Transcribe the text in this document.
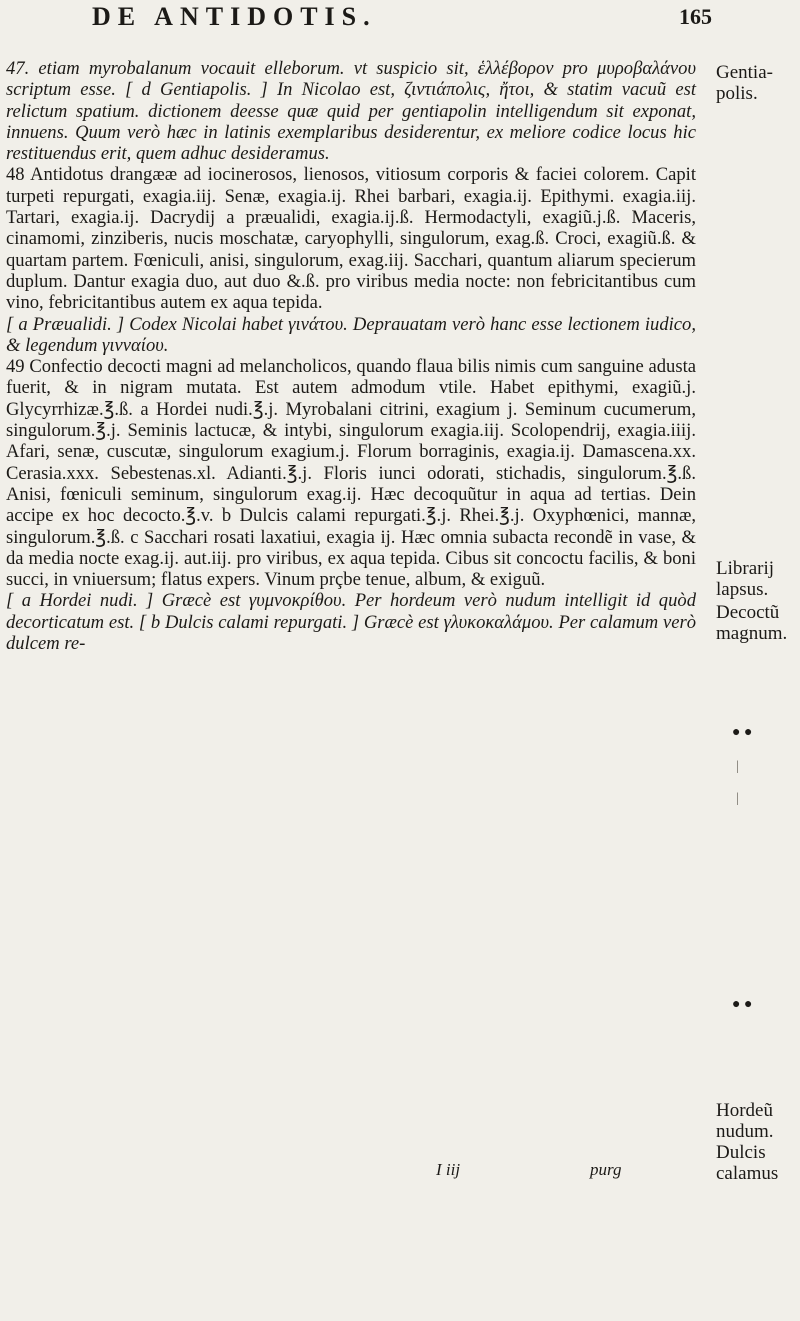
DE ANTIDOTIS.	165

47. etiam myrobalanum vocauit elleborum. vt suspicio sit, ἑλλέβορον pro μυροβαλάνου scriptum esse. [ d Gentiapolis. ] In Nicolao est, ζιντιάπολις, ἤτοι, & statim vacuũ est relictum spatium. dictionem deesse quæ quid per gentiapolin intelligendum sit exponat, innuens. Quum verò hæc in latinis exemplaribus desiderentur, ex meliore codice locus hic restituendus erit, quem adhuc desideramus.

48 Antidotus drangææ ad iocinerosos, lienosos, vitiosum corporis & faciei colorem. Capit turpeti repurgati, exagia.iij. Senæ, exagia.ij. Rhei barbari, exagia.ij. Epithymi. exagia.iij. Tartari, exagia.ij. Dacrydij a præualidi, exagia.ij.ß. Hermodactyli, exagiũ.j.ß. Maceris, cinamomi, zinziberis, nucis moschatæ, caryophylli, singulorum, exag.ß. Croci, exagiũ.ß. & quartam partem. Fœniculi, anisi, singulorum, exag.iij. Sacchari, quantum aliarum specierum duplum. Dantur exagia duo, aut duo &.ß. pro viribus media nocte: non febricitantibus cum vino, febricitantibus autem ex aqua tepida.

[ a Præualidi. ] Codex Nicolai habet γινάτου. Deprauatam verò hanc esse lectionem iudico, & legendum γινναίου.

49 Confectio decocti magni ad melancholicos, quando flaua bilis nimis cum sanguine adusta fuerit, & in nigram mutata. Est autem admodum vtile. Habet epithymi, exagiũ.j. Glycyrrhizæ.℥.ß. a Hordei nudi.℥.j. Myrobalani citrini, exagium j. Seminum cucumerum, singulorum.℥.j. Seminis lactucæ, & intybi, singulorum exagia.iij. Scolopendrij, exagia.iiij. Afari, senæ, cuscutæ, singulorum exagium.j. Florum borraginis, exagia.ij. Damascena.xx. Cerasia.xxx. Sebestenas.xl. Adianti.℥.j. Floris iunci odorati, stichadis, singulorum.℥.ß. Anisi, fœniculi seminum, singulorum exag.ij. Hæc decoquũtur in aqua ad tertias. Dein accipe ex hoc decocto.℥.v. b Dulcis calami repurgati.℥.j. Rhei.℥.j. Oxyphœnici, mannæ, singulorum.℥.ß. c Sacchari rosati laxatiui, exagia ij. Hæc omnia subacta recondẽ in vase, & da media nocte exag.ij. aut.iij. pro viribus, ex aqua tepida. Cibus sit concoctu facilis, & boni succi, in vniuersum; flatus expers. Vinum prçbe tenue, album, & exiguũ.

[ a Hordei nudi. ] Græcè est γυμνοκρίθου. Per hordeum verò nudum intelligit id quòd decorticatum est. [ b Dulcis calami repurgati. ] Græcè est γλυκοκαλάμου. Per calamum verò dulcem re-

Gentia-polis.
Librarij lapsus.
Decoctũ magnum.
● ●
|
|
● ●
Hordeũ nudum.
Dulcis calamus
I iij	purg
